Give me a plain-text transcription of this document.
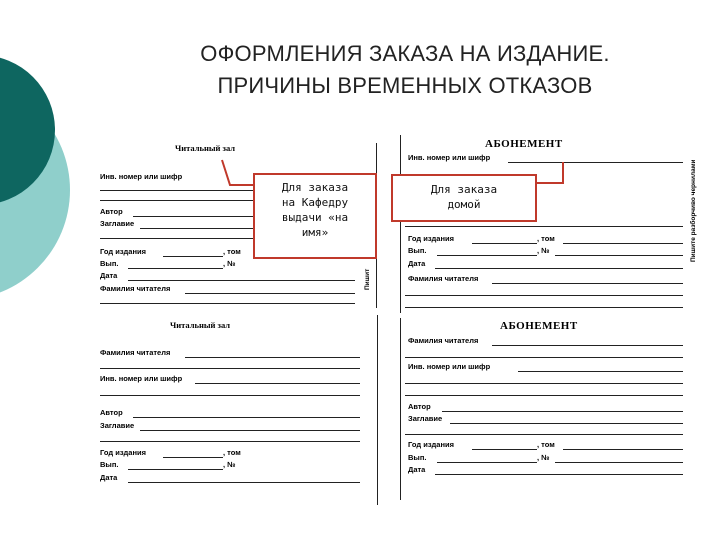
ОФОРМЛЕНИЯ ЗАКАЗА НА ИЗДАНИЕ.
ПРИЧИНЫ ВРЕМЕННЫХ ОТКАЗОВ
Читальный зал
Инв. номер или шифр
Автор
Заглавие
Год издания	, том
Вып.	, №
Дата
Фамилия читателя	Пишит
Читальный зал
Фамилия читателя
Инв. номер или шифр
Автор
Заглавие
Год издания	, том
Вып.	, №
Дата
АБОНЕМЕНТ
Инв. номер или шифр
Год издания	, том
Вып.	, №
Дата
Фамилия читателя
Пишите разборчиво чернилами
АБОНЕМЕНТ
Фамилия читателя
Инв. номер или шифр
Автор
Заглавие
Год издания	, том
Вып.	, №
Дата
Для заказа
на Кафедру
выдачи «на
имя»
Для заказа
домой
